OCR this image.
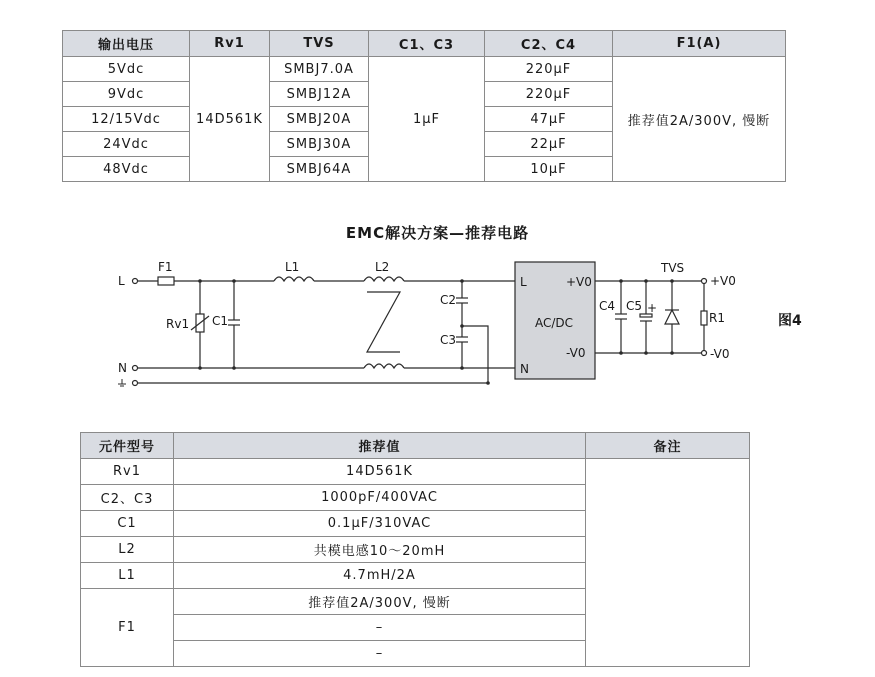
输出电压	Rv1	TVS	C1、C3	C2、C4	F1(A)
5Vdc	14D561K	SMBJ7.0A	1μF	220μF	推荐值2A/300V, 慢断
9Vdc		SMBJ12A		220μF	
12/15Vdc		SMBJ20A		47μF	
24Vdc		SMBJ30A		22μF	
48Vdc		SMBJ64A		10μF	
EMC解决方案—推荐电路
L
N
F1	L1	L2
Rv1 C1
C2
C3
L
N
+V0
-V0
AC/DC
C4 C5 +
TVS
R1
+V0
-V0
图4
元件型号	推荐值	备注
Rv1	14D561K	
C2、C3	1000pF/400VAC	
C1	0.1μF/310VAC	
L2	共模电感10～20mH	
L1	4.7mH/2A	
F1	推荐值2A/300V, 慢断	
	–	
	–	
